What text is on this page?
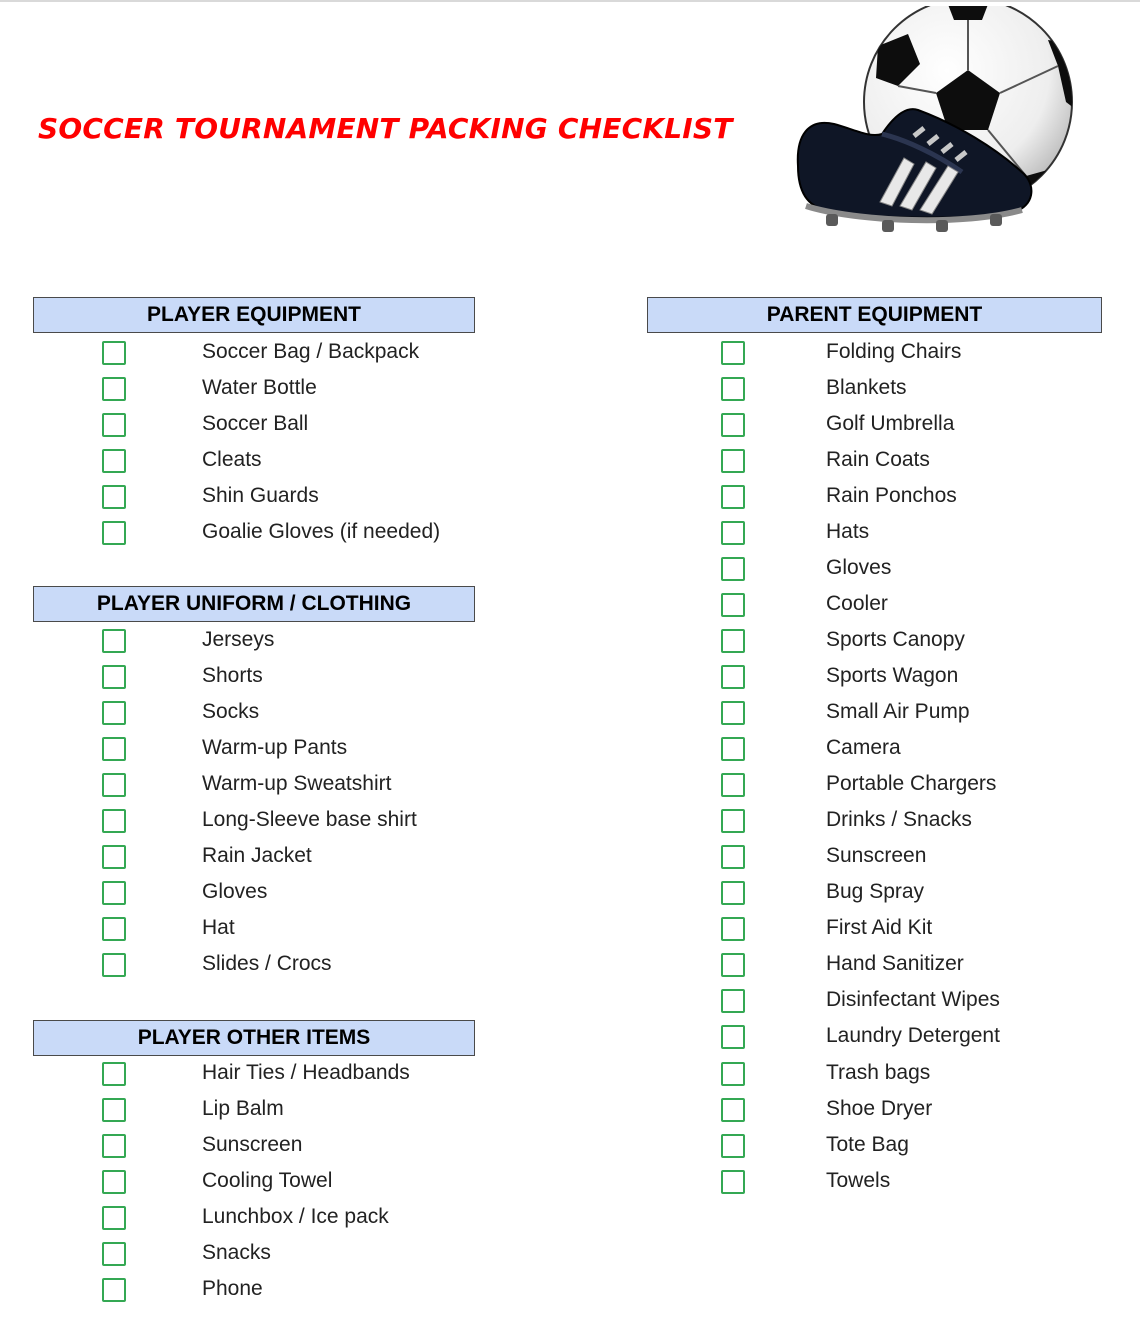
SOCCER TOURNAMENT PACKING CHECKLIST
PLAYER EQUIPMENT
Soccer Bag / Backpack
Water Bottle
Soccer Ball
Cleats
Shin Guards
Goalie Gloves (if needed)
PLAYER UNIFORM / CLOTHING
Jerseys
Shorts
Socks
Warm-up Pants
Warm-up Sweatshirt
Long-Sleeve base shirt
Rain Jacket
Gloves
Hat
Slides / Crocs
PLAYER OTHER ITEMS
Hair Ties / Headbands
Lip Balm
Sunscreen
Cooling Towel
Lunchbox / Ice pack
Snacks
Phone
PARENT EQUIPMENT
Folding Chairs
Blankets
Golf Umbrella
Rain Coats
Rain Ponchos
Hats
Gloves
Cooler
Sports Canopy
Sports Wagon
Small Air Pump
Camera
Portable Chargers
Drinks / Snacks
Sunscreen
Bug Spray
First Aid Kit
Hand Sanitizer
Disinfectant Wipes
Laundry Detergent
Trash bags
Shoe Dryer
Tote Bag
Towels
